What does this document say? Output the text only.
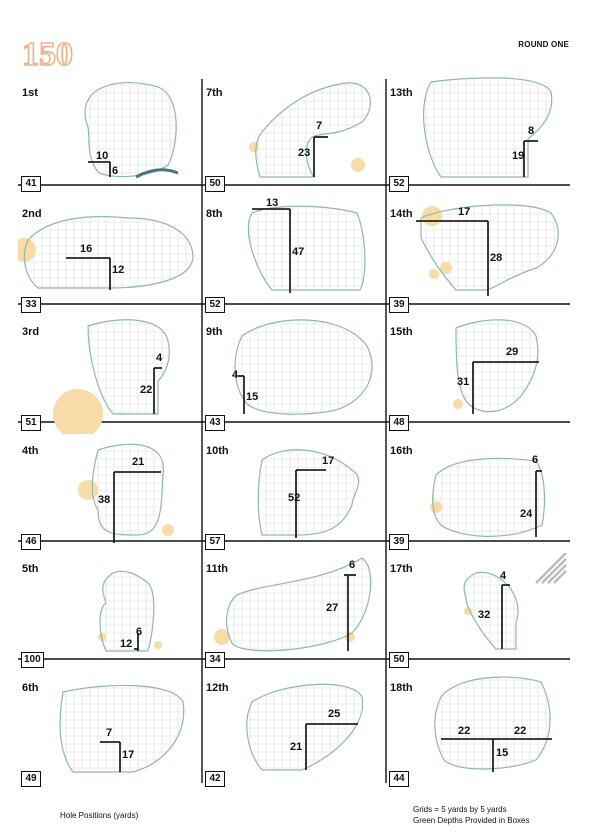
150	ROUND ONE
10
6
1st
41
7
23
7th
50
8
19
13th
52
16
12
2nd
33
13
47
8th
52
17
28
14th
39
4
22
3rd
51
4
15
9th
43
29
31
15th
48
21
38
4th
46
17
52
10th
57
6
24
16th
39
6
12
5th
100
6
27
11th
34
4
32
17th
50
7
17
6th
49
25
21
12th
42
22	22
15
18th
44
Hole Positions (yards)
Grids = 5 yards by 5 yards
Green Depths Provided in Boxes
